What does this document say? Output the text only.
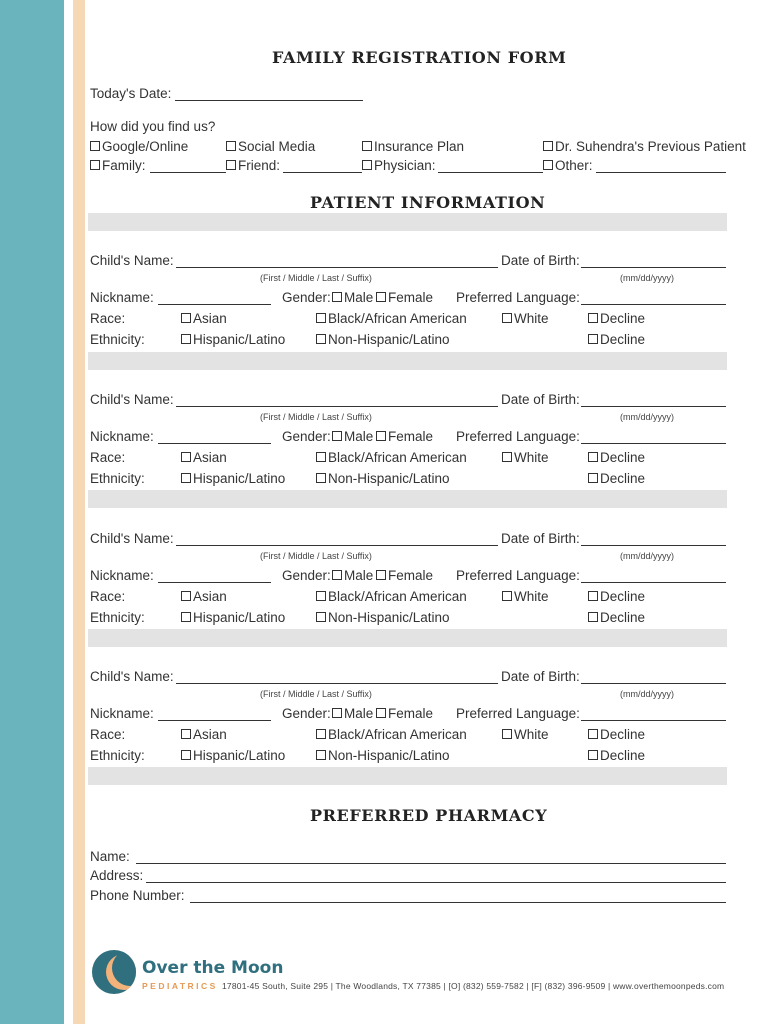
FAMILY REGISTRATION FORM
Today's Date:
How did you find us?
Google/Online	Social Media	Insurance Plan	Dr. Suhendra's Previous Patient
Family:	Friend:	Physician:	Other:
PATIENT INFORMATION
Child's Name:	Date of Birth:
(First / Middle / Last / Suffix)	(mm/dd/yyyy)
Nickname:	Gender: Male	Female Preferred Language:
Race:	Asian	Black/African American	White	Decline
Ethnicity:	Hispanic/Latino	Non-Hispanic/Latino	Decline
Child's Name:	Date of Birth:
(First / Middle / Last / Suffix)	(mm/dd/yyyy)
Nickname:	Gender: Male	Female Preferred Language:
Race:	Asian	Black/African American	White	Decline
Ethnicity:	Hispanic/Latino	Non-Hispanic/Latino	Decline
Child's Name:	Date of Birth:
(First / Middle / Last / Suffix)	(mm/dd/yyyy)
Nickname:	Gender: Male	Female Preferred Language:
Race:	Asian	Black/African American	White	Decline
Ethnicity:	Hispanic/Latino	Non-Hispanic/Latino	Decline
Child's Name:	Date of Birth:
(First / Middle / Last / Suffix)	(mm/dd/yyyy)
Nickname:	Gender: Male	Female Preferred Language:
Race:	Asian	Black/African American	White	Decline
Ethnicity:	Hispanic/Latino	Non-Hispanic/Latino	Decline
PREFERRED PHARMACY
Name:
Address:
Phone Number:
Over the Moon
PEDIATRICS 17801-45 South, Suite 295 | The Woodlands, TX 77385 | [O] (832) 559-7582 | [F] (832) 396-9509 | www.overthemoonpeds.com
